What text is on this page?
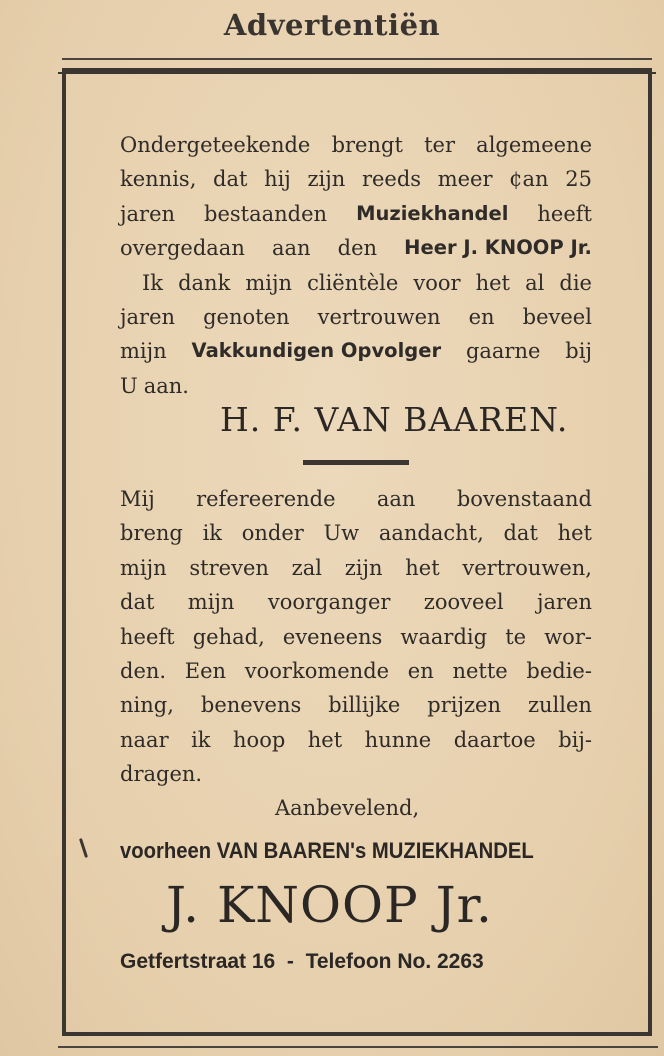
Advertentiën
Ondergeteekende brengt ter algemeene
kennis, dat hij zijn reeds meer ¢an 25
jaren bestaanden Muziekhandel heeft
overgedaan aan den Heer J. KNOOP Jr.
Ik dank mijn cliëntèle voor het al die
jaren genoten vertrouwen en beveel
mijn Vakkundigen Opvolger gaarne bij
U aan.
H. F. VAN BAAREN.
Mij refereerende aan bovenstaand
breng ik onder Uw aandacht, dat het
mijn streven zal zijn het vertrouwen,
dat mijn voorganger zooveel jaren
heeft gehad, eveneens waardig te wor-
den. Een voorkomende en nette bedie-
ning, benevens billijke prijzen zullen
naar ik hoop het hunne daartoe bij-
dragen.
Aanbevelend,
voorheen VAN BAAREN's MUZIEKHANDEL
J. KNOOP Jr.
Getfertstraat 16  -  Telefoon No. 2263
